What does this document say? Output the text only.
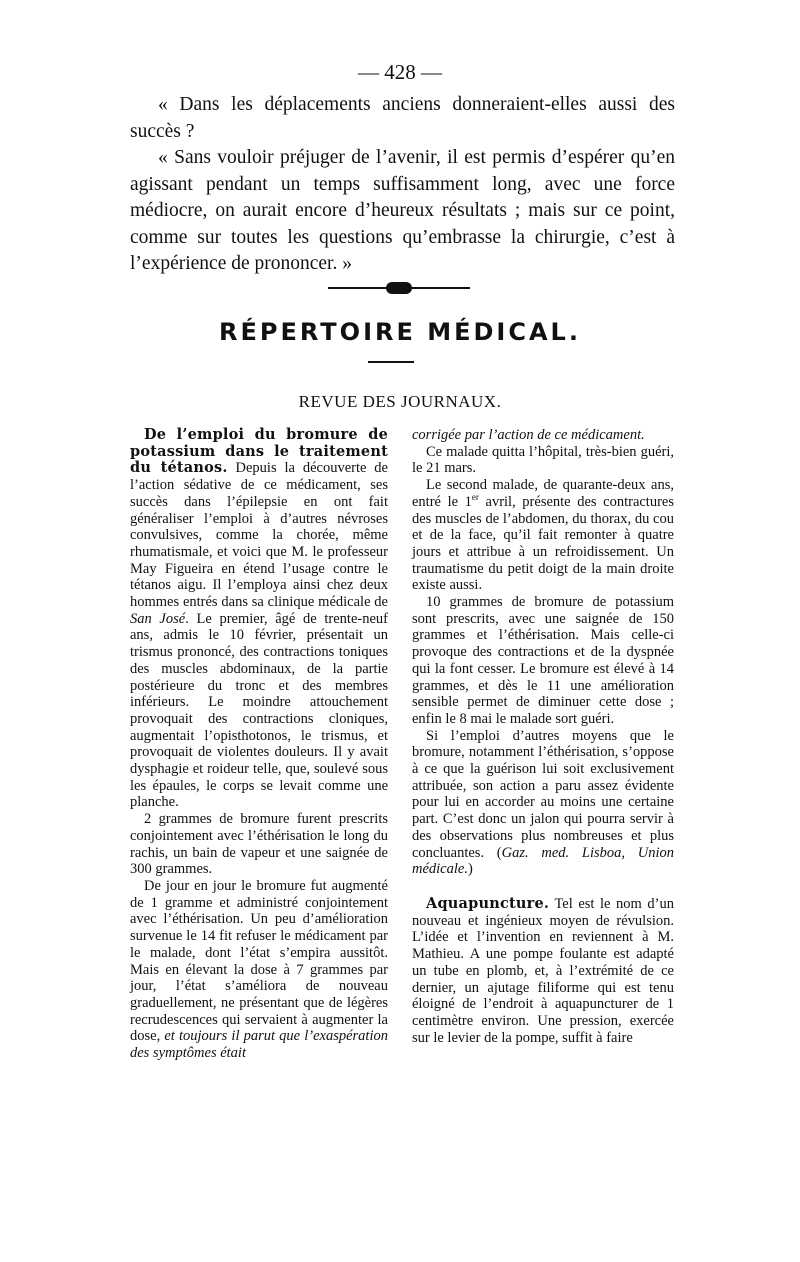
— 428 —

« Dans les déplacements anciens donneraient-elles aussi des succès ?

« Sans vouloir préjuger de l’avenir, il est permis d’espérer qu’en agissant pendant un temps suffisamment long, avec une force médiocre, on aurait encore d’heureux résultats ; mais sur ce point, comme sur toutes les questions qu’embrasse la chirurgie, c’est à l’expérience de prononcer. »

RÉPERTOIRE MÉDICAL.
REVUE DES JOURNAUX.

De l’emploi du bromure de potassium dans le traitement du tétanos. Depuis la découverte de l’action sédative de ce médicament, ses succès dans l’épilepsie en ont fait généraliser l’emploi à d’autres névroses convulsives, comme la chorée, même rhumatismale, et voici que M. le professeur May Figueira en étend l’usage contre le tétanos aigu. Il l’employa ainsi chez deux hommes entrés dans sa clinique médicale de San José. Le premier, âgé de trente-neuf ans, admis le 10 février, présentait un trismus prononcé, des contractions toniques des muscles abdominaux, de la partie postérieure du tronc et des membres inférieurs. Le moindre attouchement provoquait des contractions cloniques, augmentait l’opisthotonos, le trismus, et provoquait de violentes douleurs. Il y avait dysphagie et roideur telle, que, soulevé sous les épaules, le corps se levait comme une planche.

2 grammes de bromure furent prescrits conjointement avec l’éthérisation le long du rachis, un bain de vapeur et une saignée de 300 grammes.

De jour en jour le bromure fut augmenté de 1 gramme et administré conjointement avec l’éthérisation. Un peu d’amélioration survenue le 14 fit refuser le médicament par le malade, dont l’état s’empira aussitôt. Mais en élevant la dose à 7 grammes par jour, l’état s’améliora de nouveau graduellement, ne présentant que de légères recrudescences qui servaient à augmenter la dose, et toujours il parut que l’exaspération des symptômes était

corrigée par l’action de ce médicament.

Ce malade quitta l’hôpital, très-bien guéri, le 21 mars.

Le second malade, de quarante-deux ans, entré le 1er avril, présente des contractures des muscles de l’abdomen, du thorax, du cou et de la face, qu’il fait remonter à quatre jours et attribue à un refroidissement. Un traumatisme du petit doigt de la main droite existe aussi.

10 grammes de bromure de potassium sont prescrits, avec une saignée de 150 grammes et l’éthérisation. Mais celle-ci provoque des contractions et de la dyspnée qui la font cesser. Le bromure est élevé à 14 grammes, et dès le 11 une amélioration sensible permet de diminuer cette dose ; enfin le 8 mai le malade sort guéri.

Si l’emploi d’autres moyens que le bromure, notamment l’éthérisation, s’oppose à ce que la guérison lui soit exclusivement attribuée, son action a paru assez évidente pour lui en accorder au moins une certaine part. C’est donc un jalon qui pourra servir à des observations plus nombreuses et plus concluantes. (Gaz. med. Lisboa, Union médicale.)

Aquapuncture. Tel est le nom d’un nouveau et ingénieux moyen de révulsion. L’idée et l’invention en reviennent à M. Mathieu. A une pompe foulante est adapté un tube en plomb, et, à l’extrémité de ce dernier, un ajutage filiforme qui est tenu éloigné de l’endroit à aquapuncturer de 1 centimètre environ. Une pression, exercée sur le levier de la pompe, suffit à faire
